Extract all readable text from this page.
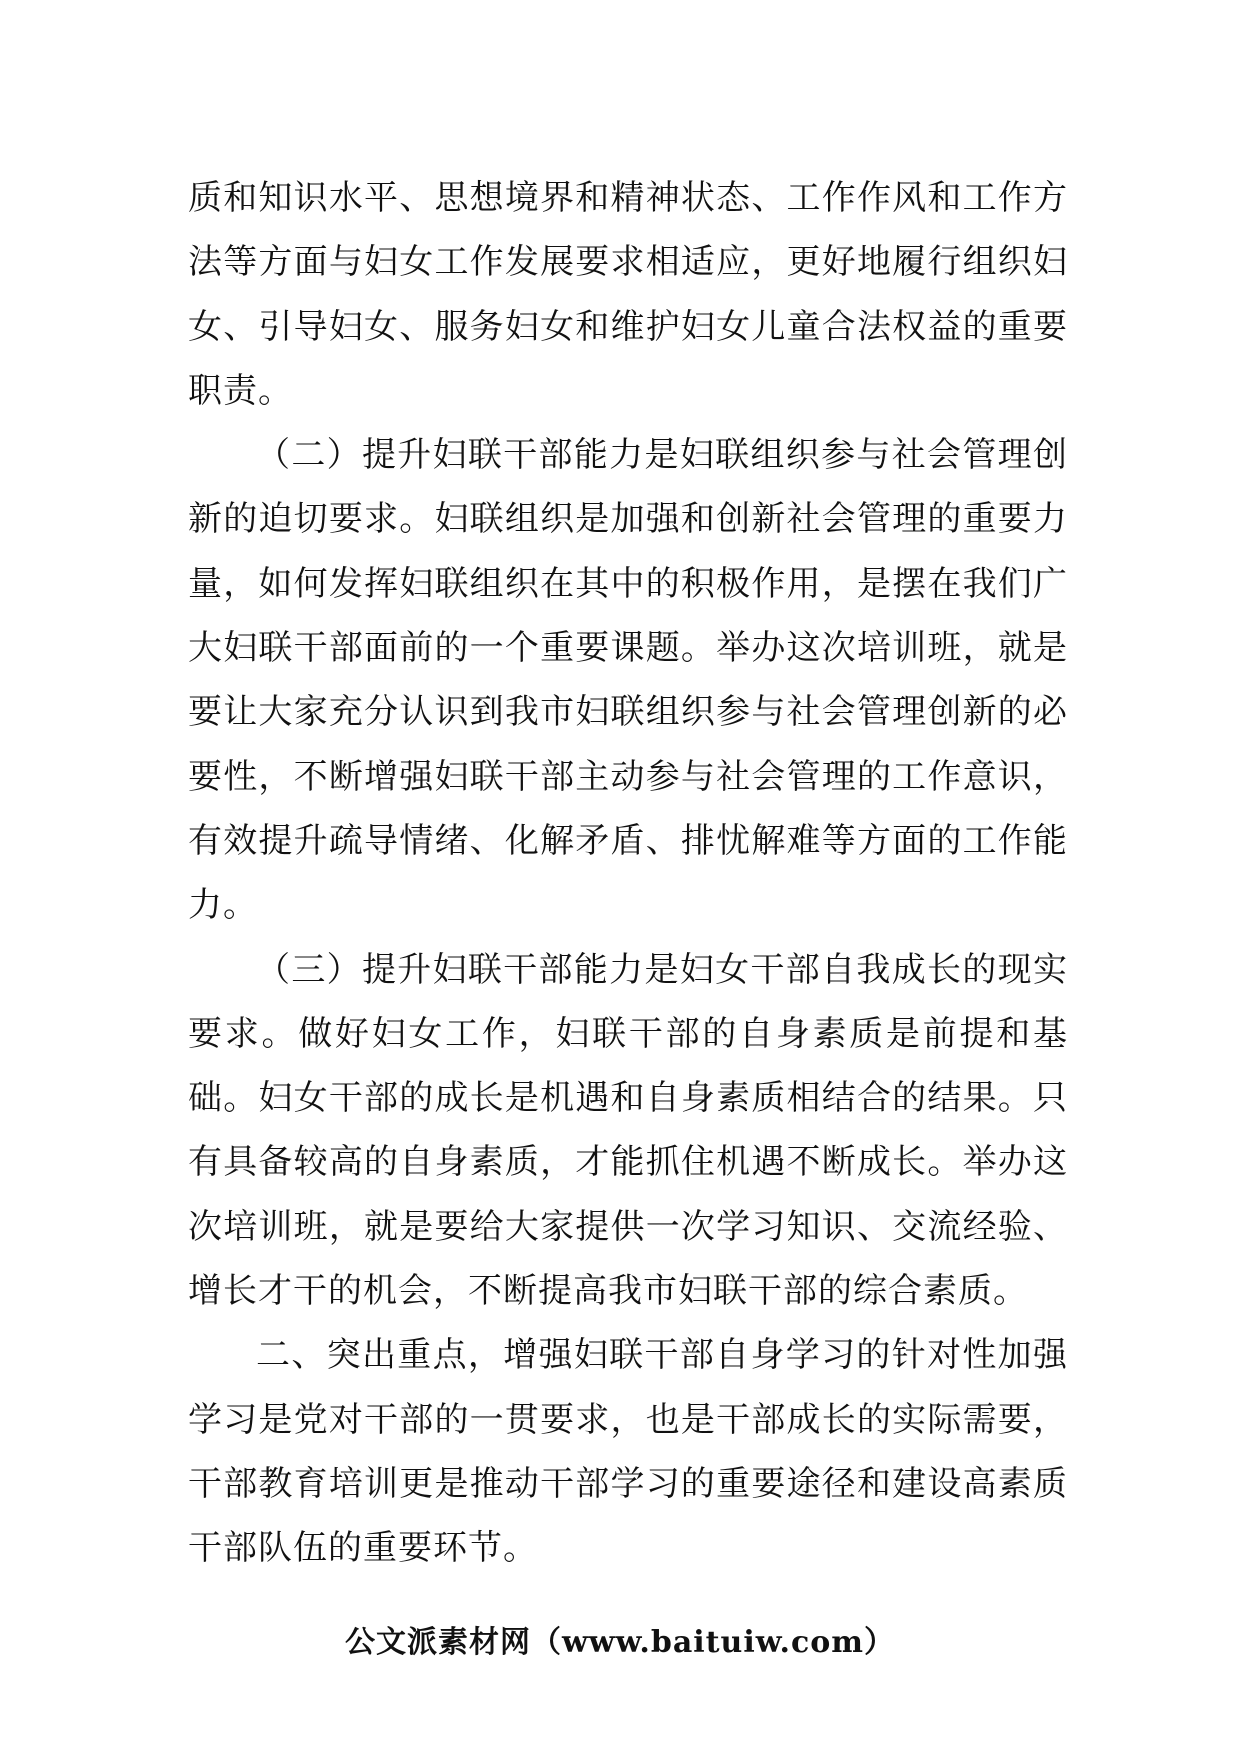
质和知识水平、思想境界和精神状态、工作作风和工作方法等方面与妇女工作发展要求相适应，更好地履行组织妇女、引导妇女、服务妇女和维护妇女儿童合法权益的重要职责。

（二）提升妇联干部能力是妇联组织参与社会管理创新的迫切要求。妇联组织是加强和创新社会管理的重要力量，如何发挥妇联组织在其中的积极作用，是摆在我们广大妇联干部面前的一个重要课题。举办这次培训班，就是要让大家充分认识到我市妇联组织参与社会管理创新的必要性，不断增强妇联干部主动参与社会管理的工作意识，有效提升疏导情绪、化解矛盾、排忧解难等方面的工作能力。

（三）提升妇联干部能力是妇女干部自我成长的现实要求。做好妇女工作，妇联干部的自身素质是前提和基础。妇女干部的成长是机遇和自身素质相结合的结果。只有具备较高的自身素质，才能抓住机遇不断成长。举办这次培训班，就是要给大家提供一次学习知识、交流经验、增长才干的机会，不断提高我市妇联干部的综合素质。

二、突出重点，增强妇联干部自身学习的针对性加强学习是党对干部的一贯要求，也是干部成长的实际需要，干部教育培训更是推动干部学习的重要途径和建设高素质干部队伍的重要环节。

公文派素材网（www.baituiw.com）
